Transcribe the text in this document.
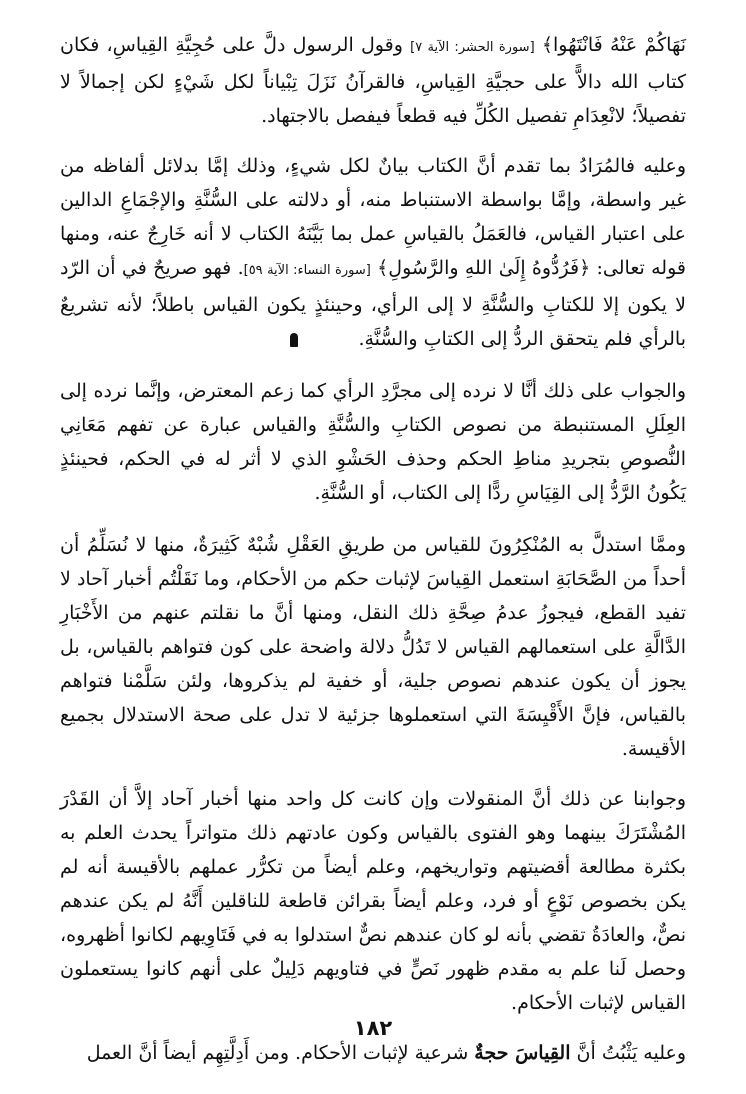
نَهَاكُمْ عَنْهُ فَانْتَهُوا﴾ [سورة الحشر: الآية ٧] وقول الرسول دلَّ على حُجِيَّةِ القِياسِ، فكان كتاب الله دالاًّ على حجيَّةِ القِياسِ، فالقرآنُ نَزَلَ تِبْياناً لكل شَيْءٍ لكن إجمالاً لا تفصيلاً؛ لانْعِدَامِ تفصيل الكُلِّ فيه قطعاً فيفصل بالاجتهاد.

وعليه فالمُرَادُ بما تقدم أنَّ الكتاب بيانٌ لكل شيءٍ، وذلك إمَّا بدلائل ألفاظه من غير واسطة، وإمَّا بواسطة الاستنباط منه، أو دلالته على السُّنَّةِ والإجْمَاعِ الدالين على اعتبار القياس، فالعَمَلُ بالقياسِ عمل بما بَيَّنَهُ الكتاب لا أنه خَارِجٌ عنه، ومنها قوله تعالى: ﴿فَرُدُّوهُ إِلَىٰ اللهِ والرَّسُولِ﴾ [سورة النساء: الآية ٥٩]. فهو صريحٌ في أن الرّد لا يكون إلا للكتابِ والسُّنَّةِ لا إلى الرأي، وحينئذٍ يكون القياس باطلاً؛ لأنه تشريعٌ بالرأي فلم يتحقق الردُّ إلى الكتابِ والسُّنَّةِ.

والجواب على ذلك أنَّا لا نرده إلى مجرَّدِ الرأي كما زعم المعترض، وإنَّما نرده إلى العِلَلِ المستنبطة من نصوص الكتابِ والسُّنَّةِ والقياس عبارة عن تفهم مَعَانِي النُّصوصِ بتجريدِ مناطِ الحكم وحذف الحَشْوِ الذي لا أثر له في الحكم، فحينئذٍ يَكُونُ الرَّدُّ إلى القِيَاسِ ردًّا إلى الكتاب، أو السُّنَّةِ.

وممَّا استدلَّ به المُنْكِرُونَ للقياس من طريقِ العَقْلِ شُبْهٌ كَثِيرَةٌ، منها لا نُسَلِّمُ أن أحداً من الصَّحَابَةِ استعمل القِياسَ لإثبات حكم من الأحكام، وما نَقَلْتُم أخبار آحاد لا تفيد القطع، فيجوزُ عدمُ صِحَّةِ ذلك النقل، ومنها أنَّ ما نقلتم عنهم من الأَخْبَارِ الدَّالَّةِ على استعمالهم القياس لا تَدُلُّ دلالة واضحة على كون فتواهم بالقياس، بل يجوز أن يكون عندهم نصوص جلية، أو خفية لم يذكروها، ولئن سَلَّمْنا فتواهم بالقياس، فإنَّ الأَقْيِسَةَ التي استعملوها جزئية لا تدل على صحة الاستدلال بجميع الأقيسة.

وجوابنا عن ذلك أنَّ المنقولات وإن كانت كل واحد منها أخبار آحاد إلاَّ أن القَدْرَ المُشْتَرَكَ بينهما وهو الفتوى بالقياس وكون عادتهم ذلك متواتراً يحدث العلم به بكثرة مطالعة أقضيتهم وتواريخهم، وعلم أيضاً من تكرُّر عملهم بالأقيسة أنه لم يكن بخصوص نَوْعٍ أو فرد، وعلم أيضاً بقرائن قاطعة للناقلين أَنَّهُ لم يكن عندهم نصٌّ، والعادَةُ تقضي بأنه لو كان عندهم نصٌّ استدلوا به في فَتَاوِيهم لكانوا أظهروه، وحصل لَنا علم به مقدم ظهور نَصٍّ في فتاويهم دَلِيلٌ على أنهم كانوا يستعملون القياس لإثبات الأحكام.

وعليه يَثْبُتُ أنَّ القِياسَ حجةٌ شرعية لإثبات الأحكام. ومن أَدِلَّتِهِم أيضاً أنَّ العمل

١٨٢
